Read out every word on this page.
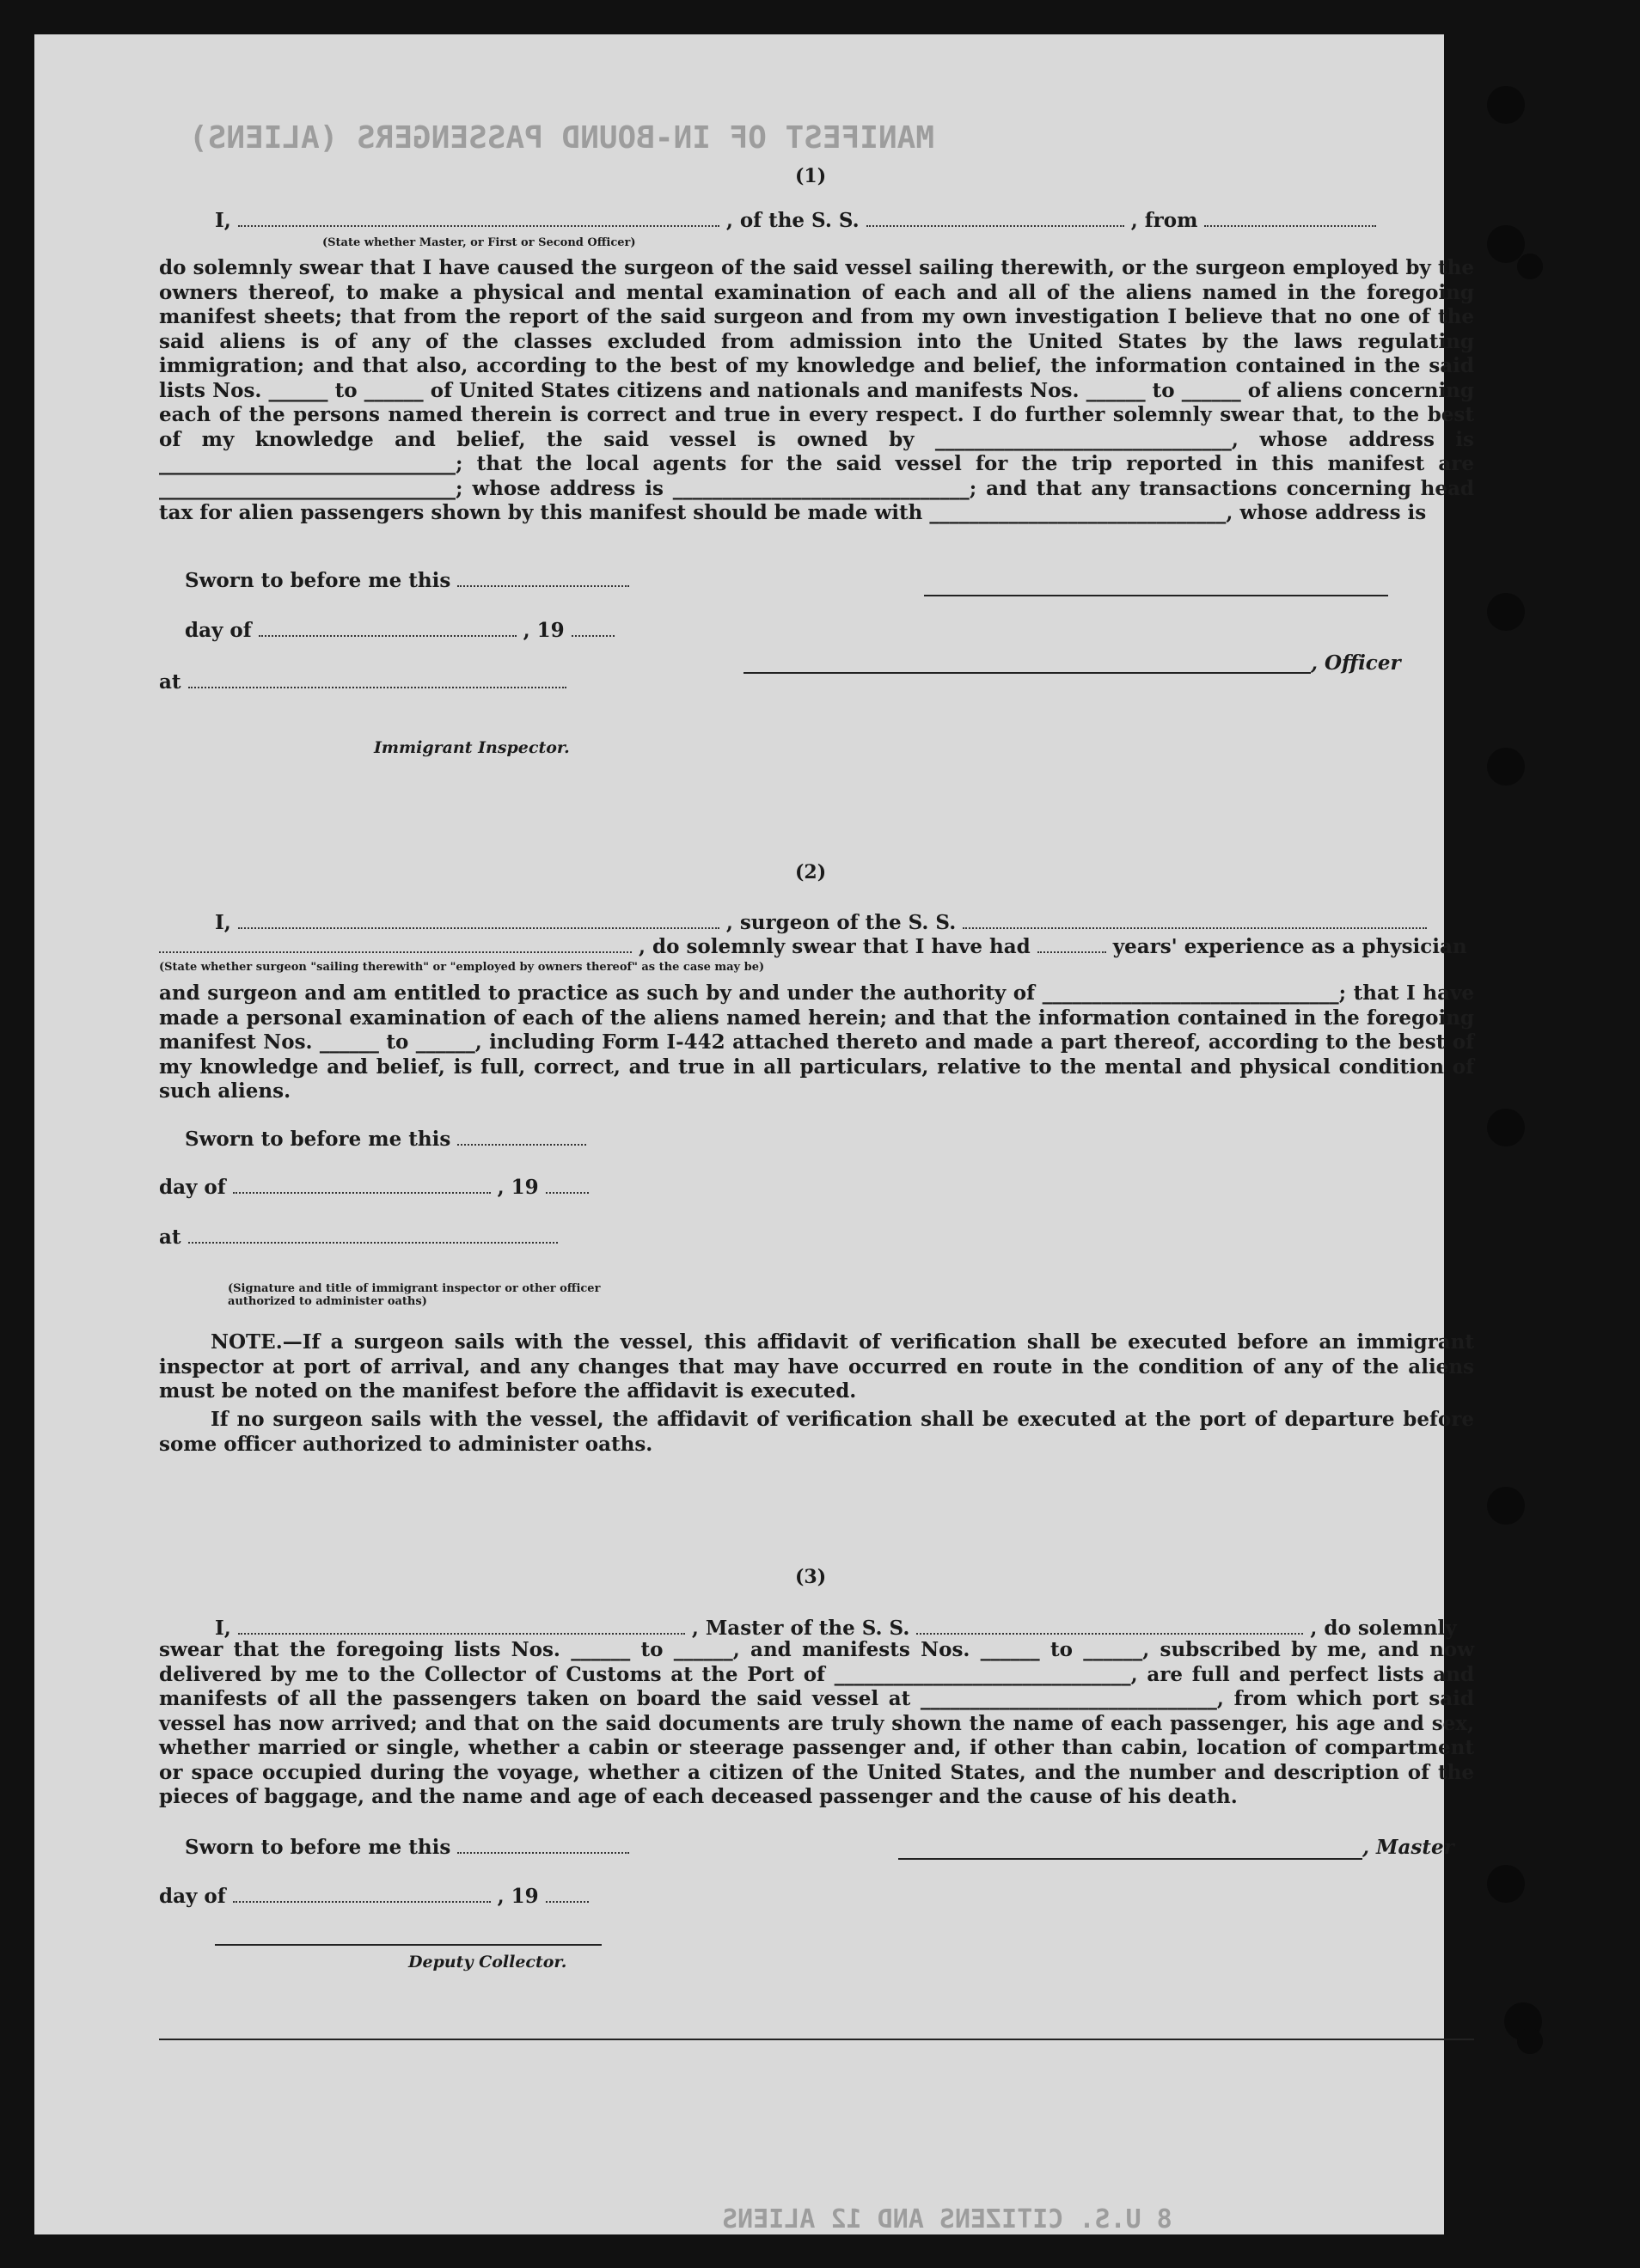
MANIFEST OF IN-BOUND PASSENGERS (ALIENS)
8 U.S. CITIZENS AND 12 ALIENS
(1)
I,	, of the S. S.	, from
(State whether Master, or First or Second Officer)
do solemnly swear that I have caused the surgeon of the said vessel sailing therewith, or the surgeon employed by the owners thereof, to make a physical and mental examination of each and all of the aliens named in the foregoing manifest sheets; that from the report of the said surgeon and from my own investigation I believe that no one of the said aliens is of any of the classes excluded from admission into the United States by the laws regulating immigration; and that also, according to the best of my knowledge and belief, the information contained in the said lists Nos. ______ to ______ of United States citizens and nationals and manifests Nos. ______ to ______ of aliens concerning each of the persons named therein is correct and true in every respect. I do further solemnly swear that, to the best of my knowledge and belief, the said vessel is owned by ______________________________, whose address is ______________________________; that the local agents for the said vessel for the trip reported in this manifest are ______________________________; whose address is ______________________________; and that any transactions concerning head tax for alien passengers shown by this manifest should be made with ______________________________, whose address is
Sworn to before me this
day of	, 19
, Officer
at
Immigrant Inspector.
(2)
I,	, surgeon of the S. S.
, do solemnly swear that I have had	years' experience as a physician
(State whether surgeon "sailing therewith" or "employed by owners thereof" as the case may be)
and surgeon and am entitled to practice as such by and under the authority of ______________________________; that I have made a personal examination of each of the aliens named herein; and that the information contained in the foregoing manifest Nos. ______ to ______, including Form I-442 attached thereto and made a part thereof, according to the best of my knowledge and belief, is full, correct, and true in all particulars, relative to the mental and physical condition of such aliens.
Sworn to before me this
day of	, 19
at
(Signature and title of immigrant inspector or other officer authorized to administer oaths)
NOTE.—If a surgeon sails with the vessel, this affidavit of verification shall be executed before an immigrant inspector at port of arrival, and any changes that may have occurred en route in the condition of any of the aliens must be noted on the manifest before the affidavit is executed.
If no surgeon sails with the vessel, the affidavit of verification shall be executed at the port of departure before some officer authorized to administer oaths.
(3)
I,	, Master of the S. S.	, do solemnly
swear that the foregoing lists Nos. ______ to ______, and manifests Nos. ______ to ______, subscribed by me, and now delivered by me to the Collector of Customs at the Port of ______________________________, are full and perfect lists and manifests of all the passengers taken on board the said vessel at ______________________________, from which port said vessel has now arrived; and that on the said documents are truly shown the name of each passenger, his age and sex, whether married or single, whether a cabin or steerage passenger and, if other than cabin, location of compartment or space occupied during the voyage, whether a citizen of the United States, and the number and description of the pieces of baggage, and the name and age of each deceased passenger and the cause of his death.
Sworn to before me this	, Master
day of	, 19
Deputy Collector.
